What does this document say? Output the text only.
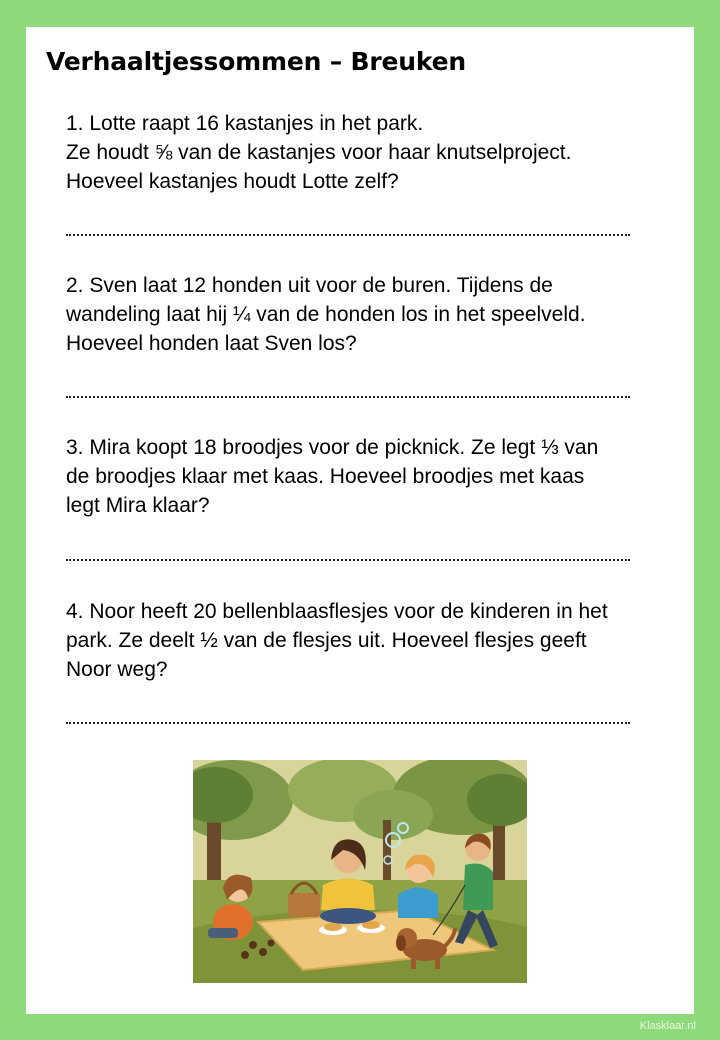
Verhaaltjessommen – Breuken
1. Lotte raapt 16 kastanjes in het park.
Ze houdt ⅝ van de kastanjes voor haar knutselproject.
Hoeveel kastanjes houdt Lotte zelf?
2. Sven laat 12 honden uit voor de buren. Tijdens de
wandeling laat hij ¼ van de honden los in het speelveld.
Hoeveel honden laat Sven los?
3. Mira koopt 18 broodjes voor de picknick. Ze legt ⅓ van
de broodjes klaar met kaas. Hoeveel broodjes met kaas
legt Mira klaar?
4. Noor heeft 20 bellenblaasflesjes voor de kinderen in het
park. Ze deelt ½ van de flesjes uit. Hoeveel flesjes geeft
Noor weg?
Klasklaar.nl
